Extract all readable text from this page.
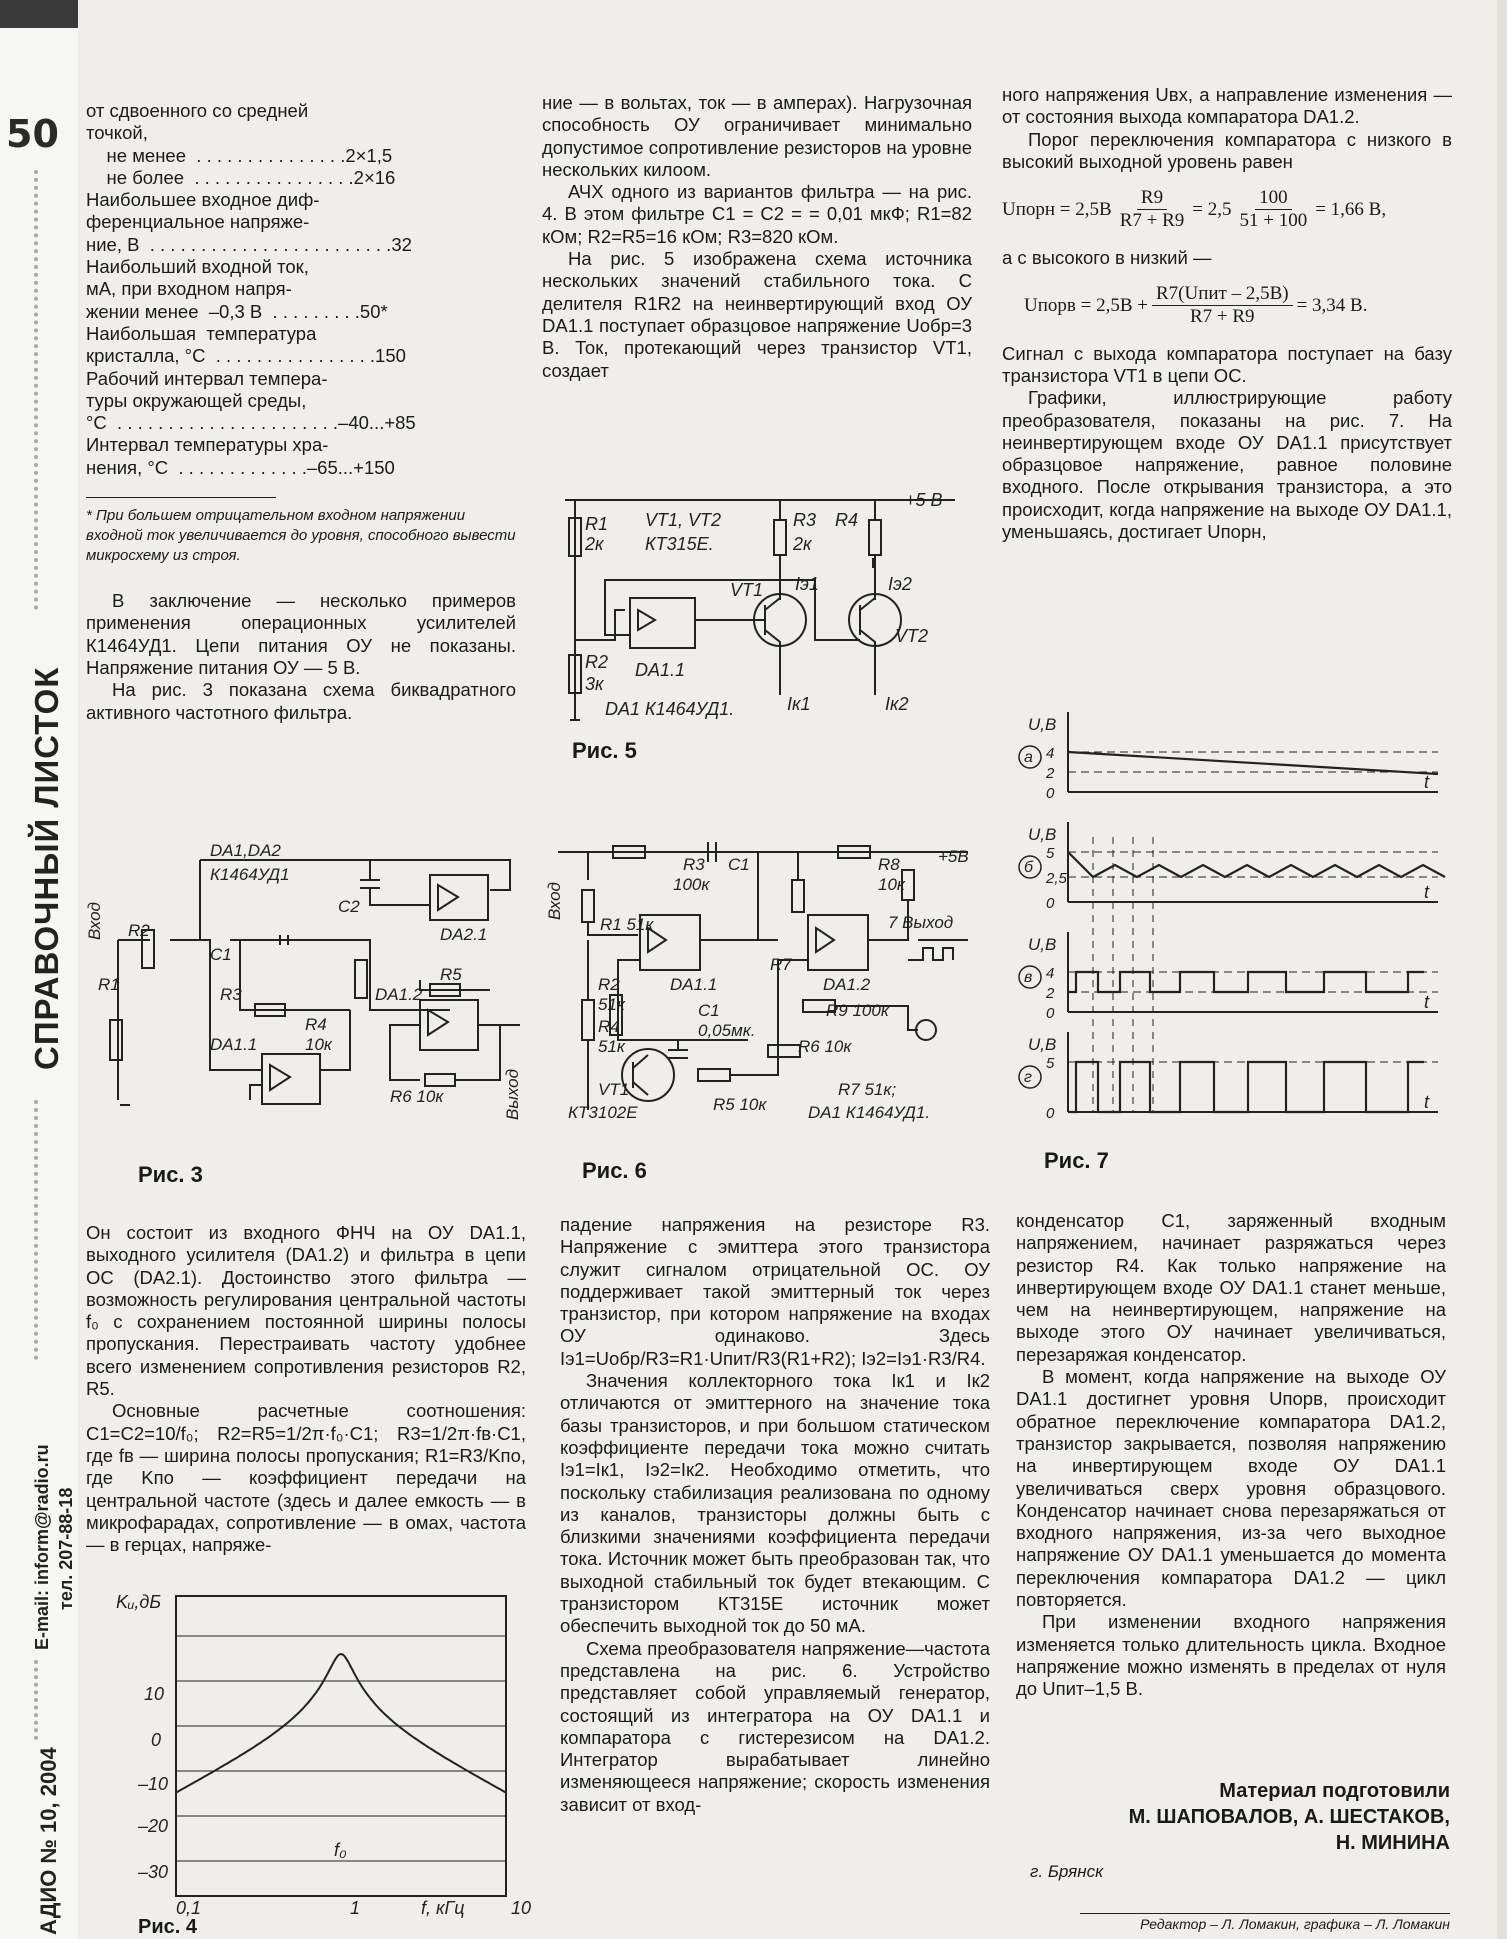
50
СПРАВОЧНЫЙ ЛИСТОК
E-mail: inform@radio.ru тел. 207-88-18
АДИО № 10, 2004
от сдвоенного со средней
точкой,
не менее  . . . . . . . . . . . . . . .2×1,5
не более  . . . . . . . . . . . . . . . .2×16
Наибольшее входное диф-
ференциальное напряже-
ние, В  . . . . . . . . . . . . . . . . . . . . . . . .32
Наибольший входной ток,
мА, при входном напря-
жении менее  –0,3 В  . . . . . . . . .50*
Наибольшая  температура
кристалла, °С  . . . . . . . . . . . . . . . .150
Рабочий интервал темпера-
туры окружающей среды,
°С  . . . . . . . . . . . . . . . . . . . . . .–40...+85
Интервал температуры хра-
нения, °С  . . . . . . . . . . . . .–65...+150
* При большем отрицательном входном напряжении входной ток увеличивается до уровня, способного вывести микросхему из строя.

В заключение — несколько примеров применения операционных усилителей К1464УД1. Цепи питания ОУ не показаны. Напряжение питания ОУ — 5 В.

На рис. 3 показана схема биквадратного активного частотного фильтра.

Вход R2
DA1,DA2
К1464УД1
C2
DA2.1
C1
R3
R1
DA1.1
R4
10к
DA1.2
R5
R6 10к	Выход
Рис. 3

Он состоит из входного ФНЧ на ОУ DA1.1, выходного усилителя (DA1.2) и фильтра в цепи ОС (DA2.1). Достоинство этого фильтра — возможность регулирования центральной частоты f₀ с сохранением постоянной ширины полосы пропускания. Перестраивать частоту удобнее всего изменением сопротивления резисторов R2, R5.

Основные расчетные соотношения: C1=C2=10/f₀; R2=R5=1/2π·f₀·C1; R3=1/2π·fв·C1, где fв — ширина полосы пропускания; R1=R3/Kпо, где Kпо — коэффициент передачи на центральной частоте (здесь и далее емкость — в микрофарадах, сопротивление — в омах, частота — в герцах, напряже-

Kᵤ,дБ
10
0
–10
–20
–30
0,1	1	10
f, кГц
f₀
Рис. 4

ние — в вольтах, ток — в амперах). Нагрузочная способность ОУ ограничивает минимально допустимое сопротивление резисторов на уровне нескольких килоом.

АЧХ одного из вариантов фильтра — на рис. 4. В этом фильтре C1 = C2 = = 0,01 мкФ; R1=82 кОм; R2=R5=16 кОм; R3=820 кОм.

На рис. 5 изображена схема источника нескольких значений стабильного тока. С делителя R1R2 на неинвертирующий вход ОУ DA1.1 поступает образцовое напряжение Uобр=3 В. Ток, протекающий через транзистор VT1, создает

R1
2к
VT1, VT2
КТ315Е.
R3
2к
R4
+5 В
Iэ1	Iэ2
VT1
DA1.1
R2
3к
VT2
DA1 К1464УД1.	Iк1	Iк2
Рис. 5
Вход
R3
100к
C1	R8
10к
+5В
R1 51к
R7
7 Выход
R2
51к
DA1.1	DA1.2
R4
51к
C1
0,05мк.
R9 100к
R6 10к
VT1
КТ3102Е	R5 10к
R7 51к;
DA1 К1464УД1.
Рис. 6

падение напряжения на резисторе R3. Напряжение с эмиттера этого транзистора служит сигналом отрицательной ОС. ОУ поддерживает такой эмиттерный ток через транзистор, при котором напряжение на входах ОУ одинаково. Здесь Iэ1=Uобр/R3=R1·Uпит/R3(R1+R2); Iэ2=Iэ1·R3/R4.

Значения коллекторного тока Iк1 и Iк2 отличаются от эмиттерного на значение тока базы транзисторов, и при большом статическом коэффициенте передачи тока можно считать Iэ1=Iк1, Iэ2=Iк2. Необходимо отметить, что поскольку стабилизация реализована по одному из каналов, транзисторы должны быть с близкими значениями коэффициента передачи тока. Источник может быть преобразован так, что выходной стабильный ток будет втекающим. С транзистором КТ315Е источник может обеспечить выходной ток до 50 мА.

Схема преобразователя напряжение—частота представлена на рис. 6. Устройство представляет собой управляемый генератор, состоящий из интегратора на ОУ DA1.1 и компаратора с гистерезисом на DA1.2. Интегратор вырабатывает линейно изменяющееся напряжение; скорость изменения зависит от вход-

ного напряжения Uвх, а направление изменения — от состояния выхода компаратора DA1.2.

Порог переключения компаратора с низкого в высокий выходной уровень равен

Uпорн = $2,5В \frac{R9}{R7 + R9} = 2,5 \frac{100}{51 + 100} = 1,66$ В,

а с высокого в низкий —

Uпорв = $2,5В + \frac{\text{R7(Uпит – 2,5В)}}{R7 + R9} = 3,34$ В.

Сигнал с выхода компаратора поступает на базу транзистора VT1 в цепи ОС.

Графики, иллюстрирующие работу преобразователя, показаны на рис. 7. На неинвертирующем входе ОУ DA1.1 присутствует образцовое напряжение, равное половине входного. После открывания транзистора, а это происходит, когда напряжение на выходе ОУ DA1.1, уменьшаясь, достигает Uпорн,

U,В
t
а 4
2
0
U,В
t
б
5
2,5
0
U,В
t
в 4
2
0
U,В
t
г
5
0
Рис. 7

конденсатор C1, заряженный входным напряжением, начинает разряжаться через резистор R4. Как только напряжение на инвертирующем входе ОУ DA1.1 станет меньше, чем на неинвертирующем, напряжение на выходе этого ОУ начинает увеличиваться, перезаряжая конденсатор.

В момент, когда напряжение на выходе ОУ DA1.1 достигнет уровня Uпорв, происходит обратное переключение компаратора DA1.2, транзистор закрывается, позволяя напряжению на инвертирующем входе ОУ DA1.1 увеличиваться сверх уровня образцового. Конденсатор начинает снова перезаряжаться от входного напряжения, из-за чего выходное напряжение ОУ DA1.1 уменьшается до момента переключения компаратора DA1.2 — цикл повторяется.

При изменении входного напряжения изменяется только длительность цикла. Входное напряжение можно изменять в пределах от нуля до Uпит–1,5 В.

Материал подготовили
М. ШАПОВАЛОВ, А. ШЕСТАКОВ,
Н. МИНИНА
г. Брянск
Редактор – Л. Ломакин, графика – Л. Ломакин
